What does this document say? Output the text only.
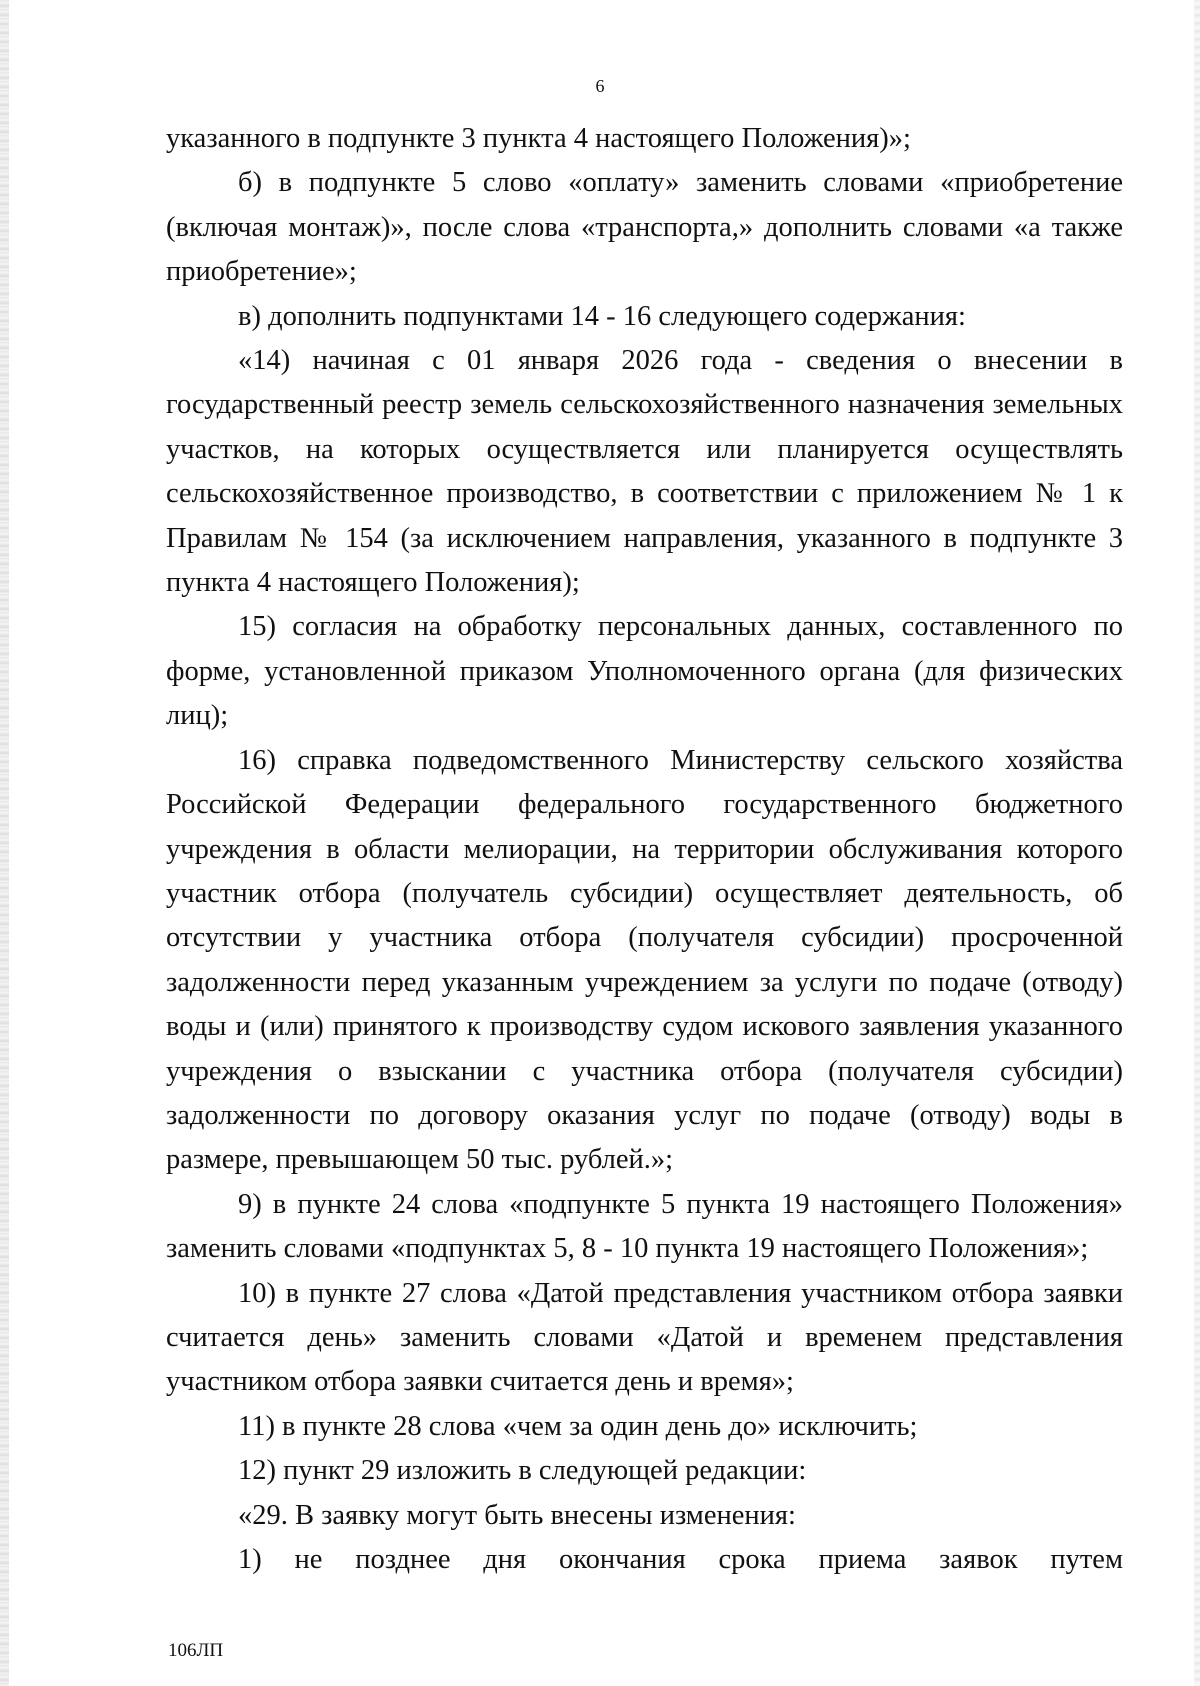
6

указанного в подпункте 3 пункта 4 настоящего Положения)»;

б) в подпункте 5 слово «оплату» заменить словами «приобретение (включая монтаж)», после слова «транспорта,» дополнить словами «а также приобретение»;

в) дополнить подпунктами 14 - 16 следующего содержания:

«14) начиная с 01 января 2026 года - сведения о внесении в государственный реестр земель сельскохозяйственного назначения земельных участков, на которых осуществляется или планируется осуществлять сельскохозяйственное производство, в соответствии с приложением № 1 к Правилам № 154 (за исключением направления, указанного в подпункте 3 пункта 4 настоящего Положения);

15) согласия на обработку персональных данных, составленного по форме, установленной приказом Уполномоченного органа (для физических лиц);

16) справка подведомственного Министерству сельского хозяйства Российской Федерации федерального государственного бюджетного учреждения в области мелиорации, на территории обслуживания которого участник отбора (получатель субсидии) осуществляет деятельность, об отсутствии у участника отбора (получателя субсидии) просроченной задолженности перед указанным учреждением за услуги по подаче (отводу) воды и (или) принятого к производству судом искового заявления указанного учреждения о взыскании с участника отбора (получателя субсидии) задолженности по договору оказания услуг по подаче (отводу) воды в размере, превышающем 50 тыс. рублей.»;

9) в пункте 24 слова «подпункте 5 пункта 19 настоящего Положения» заменить словами «подпунктах 5, 8 - 10 пункта 19 настоящего Положения»;

10) в пункте 27 слова «Датой представления участником отбора заявки считается день» заменить словами «Датой и временем представления участником отбора заявки считается день и время»;

11) в пункте 28 слова «чем за один день до» исключить;

12) пункт 29 изложить в следующей редакции:

«29. В заявку могут быть внесены изменения:

1) не позднее дня окончания срока приема заявок путем

106ЛП
